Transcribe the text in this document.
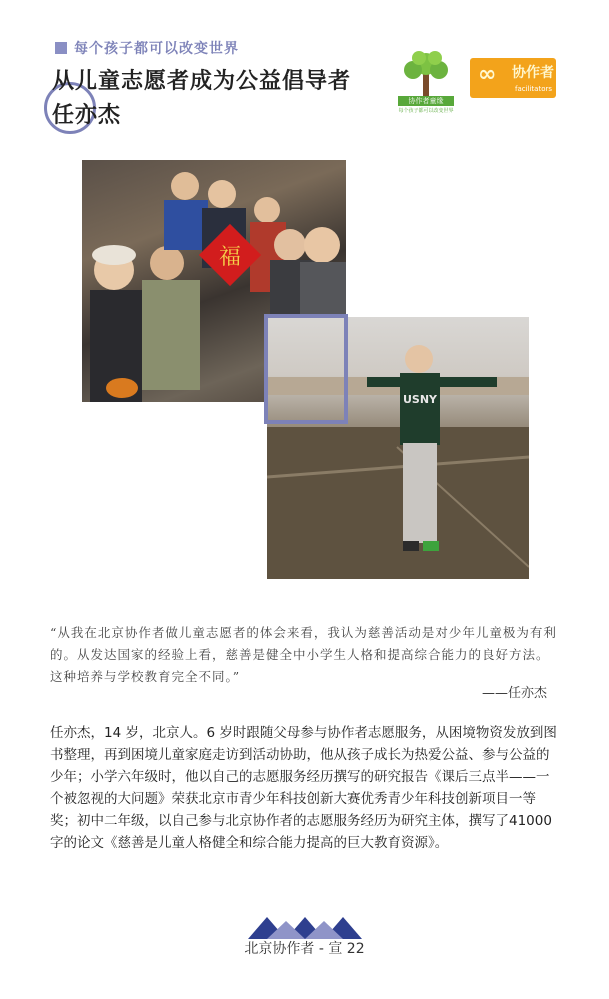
每个孩子都可以改变世界
从儿童志愿者成为公益倡导者
任亦杰
协作者童缘
每个孩子都可以改变世界
∞ 协作者
facilitators
福
USNY
“从我在北京协作者做儿童志愿者的体会来看，我认为慈善活动是对少年儿童极为有利的。从发达国家的经验上看，慈善是健全中小学生人格和提高综合能力的良好方法。这种培养与学校教育完全不同。”
——任亦杰
任亦杰，14 岁，北京人。6 岁时跟随父母参与协作者志愿服务，从困境物资发放到图书整理，再到困境儿童家庭走访到活动协助，他从孩子成长为热爱公益、参与公益的少年；小学六年级时，他以自己的志愿服务经历撰写的研究报告《课后三点半——一个被忽视的大问题》荣获北京市青少年科技创新大赛优秀青少年科技创新项目一等奖；初中二年级，以自己参与北京协作者的志愿服务经历为研究主体，撰写了41000 字的论文《慈善是儿童人格健全和综合能力提高的巨大教育资源》。
北京协作者 - 宣 22
